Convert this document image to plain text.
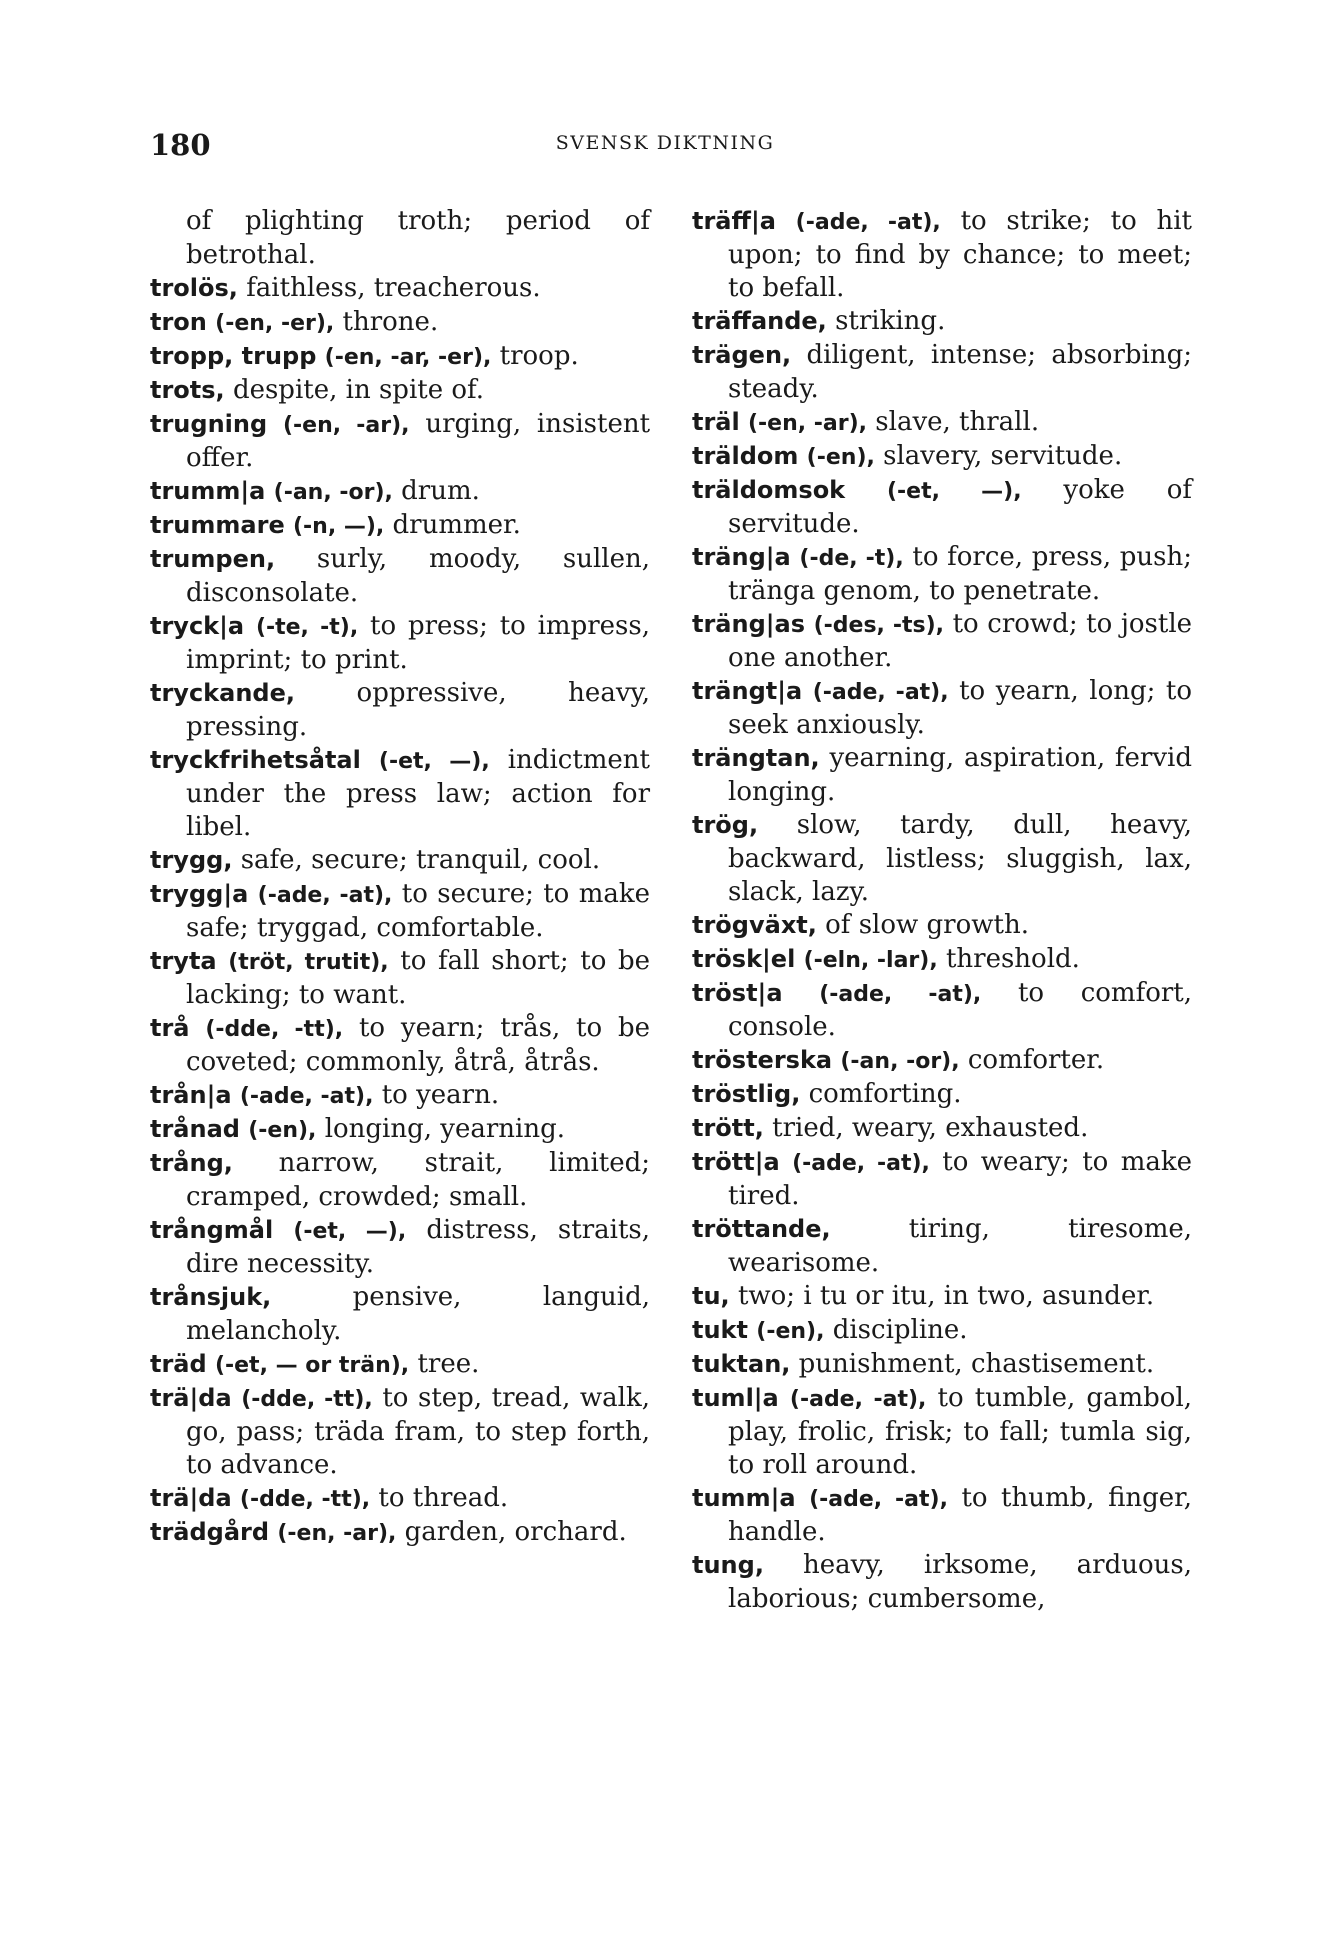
180	SVENSK DIKTNING

of plighting troth; period of betrothal.

trolös, faithless, treacherous.

tron (-en, -er), throne.

tropp, trupp (-en, -ar, -er), troop.

trots, despite, in spite of.

trugning (-en, -ar), urging, insistent offer.

trumm|a (-an, -or), drum.

trummare (-n, —), drummer.

trumpen, surly, moody, sullen, disconsolate.

tryck|a (-te, -t), to press; to impress, imprint; to print.

tryckande, oppressive, heavy, pressing.

tryckfrihetsåtal (-et, —), indictment under the press law; action for libel.

trygg, safe, secure; tranquil, cool.

trygg|a (-ade, -at), to secure; to make safe; tryggad, comfortable.

tryta (tröt, trutit), to fall short; to be lacking; to want.

trå (-dde, -tt), to yearn; trås, to be coveted; commonly, åtrå, åtrås.

trån|a (-ade, -at), to yearn.

trånad (-en), longing, yearning.

trång, narrow, strait, limited; cramped, crowded; small.

trångmål (-et, —), distress, straits, dire necessity.

trånsjuk,	pensive, languid, melancholy.

träd (-et, — or trän), tree.

trä|da (-dde, -tt), to step, tread, walk, go, pass; träda fram, to step forth, to advance.

trä|da (-dde, -tt), to thread.

trädgård (-en, -ar), garden, orchard.

träff|a (-ade, -at), to strike; to hit upon; to find by chance; to meet; to befall.

träffande, striking.

trägen, diligent, intense; absorbing; steady.

träl (-en, -ar), slave, thrall.

träldom (-en), slavery, servitude.

träldomsok (-et, —), yoke of servitude.

träng|a (-de, -t), to force, press, push; tränga genom, to penetrate.

träng|as (-des, -ts), to crowd; to jostle one another.

trängt|a (-ade, -at), to yearn, long; to seek anxiously.

trängtan, yearning, aspiration, fervid longing.

trög, slow, tardy, dull, heavy, backward, listless; sluggish, lax, slack, lazy.

trögväxt, of slow growth.

trösk|el (-eln, -lar), threshold.

tröst|a (-ade, -at), to comfort, console.

trösterska (-an, -or), comforter.

tröstlig, comforting.

trött, tried, weary, exhausted.

trött|a (-ade, -at), to weary; to make tired.

tröttande,	tiring, tiresome, wearisome.

tu, two; i tu or itu, in two, asunder.

tukt (-en), discipline.

tuktan, punishment, chastisement.

tuml|a (-ade, -at), to tumble, gambol, play, frolic, frisk; to fall; tumla sig, to roll around.

tumm|a (-ade, -at), to thumb, finger, handle.

tung, heavy, irksome, arduous, laborious; cumbersome,
